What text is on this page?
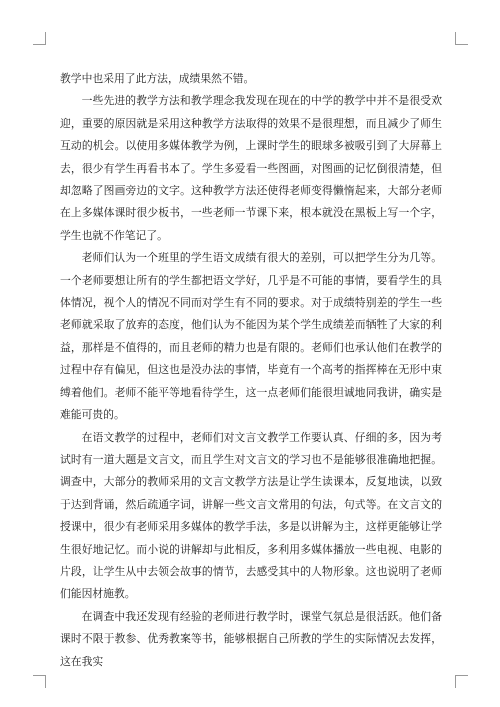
教学中也采用了此方法，成绩果然不错。

一些先进的教学方法和教学理念我发现在现在的中学的教学中并不是很受欢迎，重要的原因就是采用这种教学方法取得的效果不是很理想，而且减少了师生互动的机会。以使用多媒体教学为例，上课时学生的眼球多被吸引到了大屏幕上去，很少有学生再看书本了。学生多爱看一些图画，对图画的记忆倒很清楚，但却忽略了图画旁边的文字。这种教学方法还使得老师变得懒惰起来，大部分老师在上多媒体课时很少板书，一些老师一节课下来，根本就没在黑板上写一个字，学生也就不作笔记了。

老师们认为一个班里的学生语文成绩有很大的差别，可以把学生分为几等。一个老师要想让所有的学生都把语文学好，几乎是不可能的事情，要看学生的具体情况，视个人的情况不同而对学生有不同的要求。对于成绩特别差的学生一些老师就采取了放弃的态度，他们认为不能因为某个学生成绩差而牺牲了大家的利益，那样是不值得的，而且老师的精力也是有限的。老师们也承认他们在教学的过程中存有偏见，但这也是没办法的事情，毕竟有一个高考的指挥棒在无形中束缚着他们。老师不能平等地看待学生，这一点老师们能很坦诚地同我讲，确实是难能可贵的。

在语文教学的过程中，老师们对文言文教学工作要认真、仔细的多，因为考试时有一道大题是文言文，而且学生对文言文的学习也不是能够很准确地把握。调查中，大部分的教师采用的文言文教学方法是让学生读课本，反复地读，以致于达到背诵，然后疏通字词，讲解一些文言文常用的句法，句式等。在文言文的授课中，很少有老师采用多媒体的教学手法，多是以讲解为主，这样更能够让学生很好地记忆。而小说的讲解却与此相反，多利用多媒体播放一些电视、电影的片段，让学生从中去领会故事的情节，去感受其中的人物形象。这也说明了老师们能因材施教。

在调查中我还发现有经验的老师进行教学时，课堂气氛总是很活跃。他们备课时不限于教参、优秀教案等书，能够根据自己所教的学生的实际情况去发挥，这在我实
